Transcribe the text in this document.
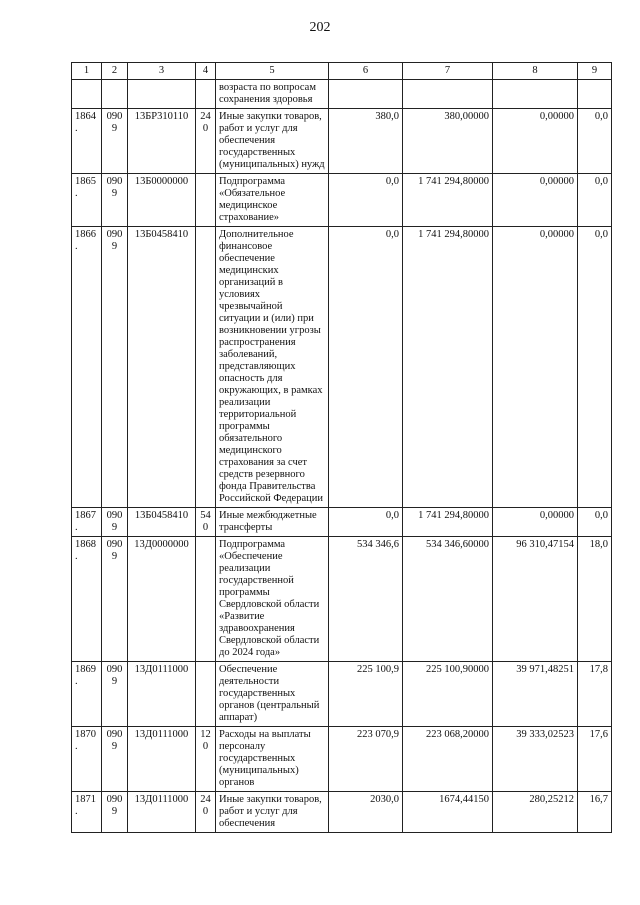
202
1	2	3	4	5	6	7	8	9
				возраста по вопросам сохранения здоровья				
1864.	0909	13БР310110	240	Иные закупки товаров, работ и услуг для обеспечения государственных (муниципальных) нужд	380,0	380,00000	0,00000	0,0
1865.	0909	13Б0000000		Подпрограмма «Обязательное медицинское страхование»	0,0	1 741 294,80000	0,00000	0,0
1866.	0909	13Б0458410		Дополнительное финансовое обеспечение медицинских организаций в условиях чрезвычайной ситуации и (или) при возникновении угрозы распространения заболеваний, представляющих опасность для окружающих, в рамках реализации территориальной программы обязательного медицинского страхования за счет средств резервного фонда Правительства Российской Федерации	0,0	1 741 294,80000	0,00000	0,0
1867.	0909	13Б0458410	540	Иные межбюджетные трансферты	0,0	1 741 294,80000	0,00000	0,0
1868.	0909	13Д0000000		Подпрограмма «Обеспечение реализации государственной программы Свердловской области «Развитие здравоохранения Свердловской области до 2024 года»	534 346,6	534 346,60000	96 310,47154	18,0
1869.	0909	13Д0111000		Обеспечение деятельности государственных органов (центральный аппарат)	225 100,9	225 100,90000	39 971,48251	17,8
1870.	0909	13Д0111000	120	Расходы на выплаты персоналу государственных (муниципальных) органов	223 070,9	223 068,20000	39 333,02523	17,6
1871.	0909	13Д0111000	240	Иные закупки товаров, работ и услуг для обеспечения	2030,0	1674,44150	280,25212	16,7
